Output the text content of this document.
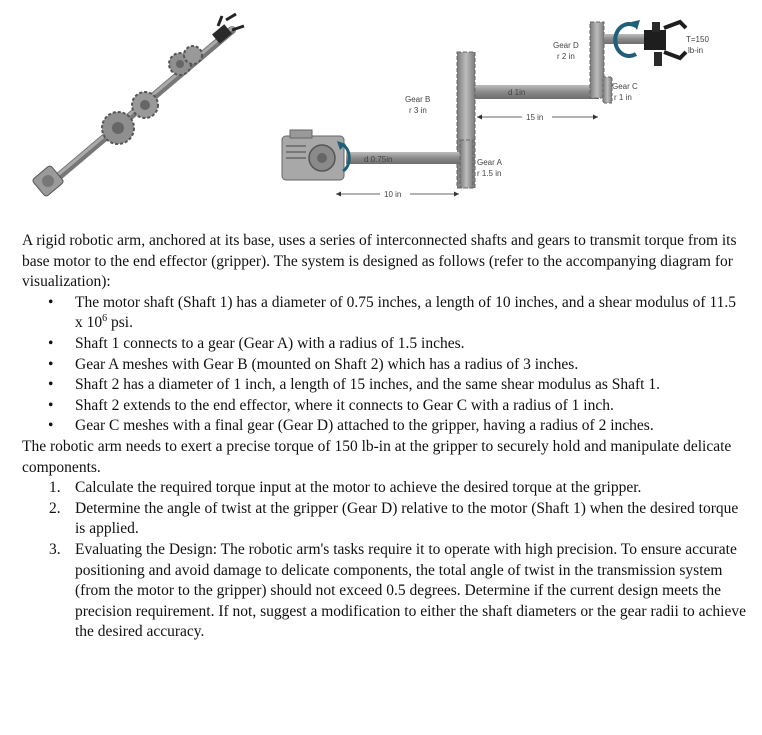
Gear D
r 2 in
T=150
lb-in
Gear C
r 1 in
Gear B
r 3 in
d 1in
15 in
d 0.75in	Gear A
r 1.5 in
10 in

A rigid robotic arm, anchored at its base, uses a series of interconnected shafts and gears to transmit torque from its base motor to the end effector (gripper). The system is designed as follows (refer to the accompanying diagram for visualization):

• The motor shaft (Shaft 1) has a diameter of 0.75 inches, a length of 10 inches, and a shear modulus of 11.5 x $10^6$ psi.
• Shaft 1 connects to a gear (Gear A) with a radius of 1.5 inches.
• Gear A meshes with Gear B (mounted on Shaft 2) which has a radius of 3 inches.
• Shaft 2 has a diameter of 1 inch, a length of 15 inches, and the same shear modulus as Shaft 1.
• Shaft 2 extends to the end effector, where it connects to Gear C with a radius of 1 inch.
• Gear C meshes with a final gear (Gear D) attached to the gripper, having a radius of 2 inches.

The robotic arm needs to exert a precise torque of 150 lb-in at the gripper to securely hold and manipulate delicate components.

1. Calculate the required torque input at the motor to achieve the desired torque at the gripper.
2. Determine the angle of twist at the gripper (Gear D) relative to the motor (Shaft 1) when the desired torque is applied.
3. Evaluating the Design: The robotic arm's tasks require it to operate with high precision. To ensure accurate positioning and avoid damage to delicate components, the total angle of twist in the transmission system (from the motor to the gripper) should not exceed 0.5 degrees. Determine if the current design meets the precision requirement. If not, suggest a modification to either the shaft diameters or the gear radii to achieve the desired accuracy.
